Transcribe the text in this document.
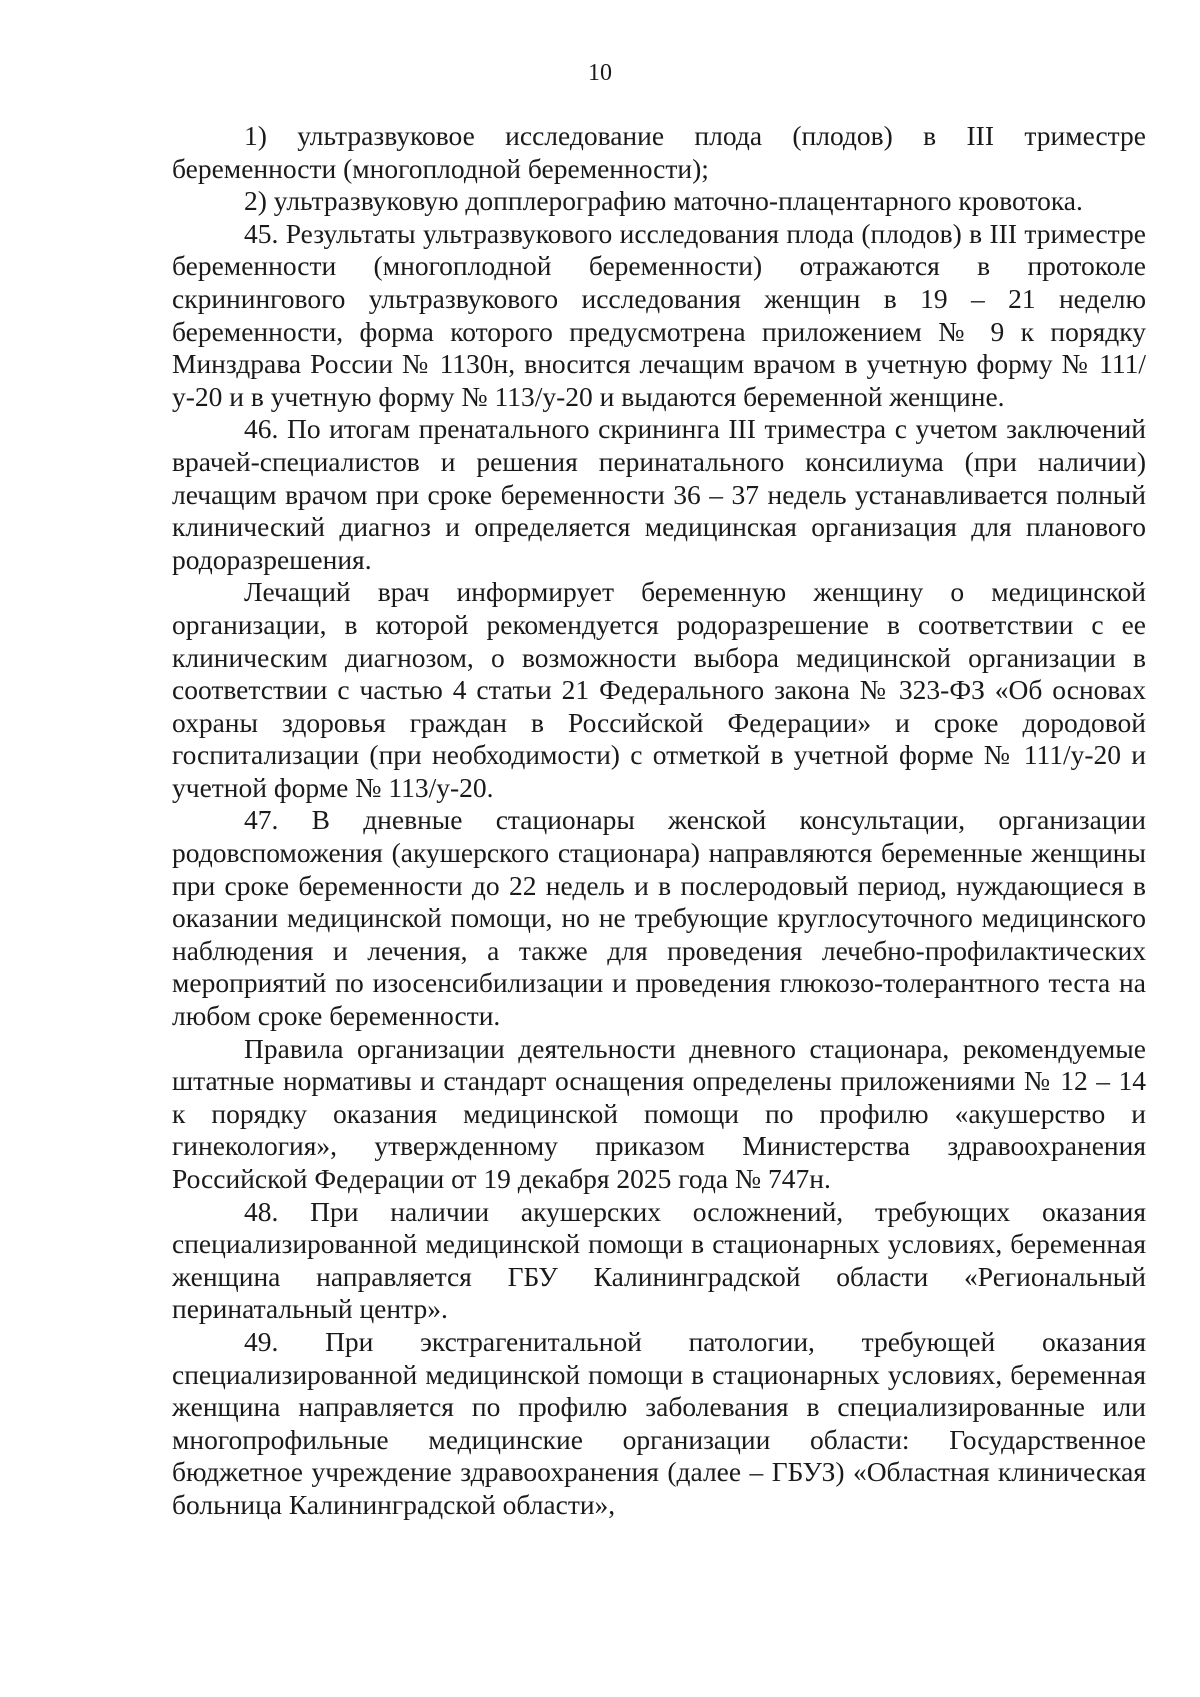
10

1) ультразвуковое исследование плода (плодов) в III триместре беременности (многоплодной беременности);

2) ультразвуковую допплерографию маточно-плацентарного кровотока.

45. Результаты ультразвукового исследования плода (плодов) в III триместре беременности (многоплодной беременности) отражаются в протоколе скринингового ультразвукового исследования женщин в 19 – 21 неделю беременности, форма которого предусмотрена приложением № 9 к порядку Минздрава России № 1130н, вносится лечащим врачом в учетную форму № 111/у-20 и в учетную форму № 113/у-20 и выдаются беременной женщине.

46. По итогам пренатального скрининга III триместра с учетом заключений врачей-специалистов и решения перинатального консилиума (при наличии) лечащим врачом при сроке беременности 36 – 37 недель устанавливается полный клинический диагноз и определяется медицинская организация для планового родоразрешения.

Лечащий врач информирует беременную женщину о медицинской организации, в которой рекомендуется родоразрешение в соответствии с ее клиническим диагнозом, о возможности выбора медицинской организации в соответствии с частью 4 статьи 21 Федерального закона № 323-ФЗ «Об основах охраны здоровья граждан в Российской Федерации» и сроке дородовой госпитализации (при необходимости) с отметкой в учетной форме № 111/у-20 и учетной форме № 113/у-20.

47. В дневные стационары женской консультации, организации родовспоможения (акушерского стационара) направляются беременные женщины при сроке беременности до 22 недель и в послеродовый период, нуждающиеся в оказании медицинской помощи, но не требующие круглосуточного медицинского наблюдения и лечения, а также для проведения лечебно-профилактических мероприятий по изосенсибилизации и проведения глюкозо-толерантного теста на любом сроке беременности.

Правила организации деятельности дневного стационара, рекомендуемые штатные нормативы и стандарт оснащения определены приложениями № 12 – 14 к порядку оказания медицинской помощи по профилю «акушерство и гинекология», утвержденному приказом Министерства здравоохранения Российской Федерации от 19 декабря 2025 года № 747н.

48. При наличии акушерских осложнений, требующих оказания специализированной медицинской помощи в стационарных условиях, беременная женщина направляется ГБУ Калининградской области «Региональный перинатальный центр».

49. При экстрагенитальной патологии, требующей оказания специализированной медицинской помощи в стационарных условиях, беременная женщина направляется по профилю заболевания в специализированные или многопрофильные медицинские организации области: Государственное бюджетное учреждение здравоохранения (далее – ГБУЗ) «Областная клиническая больница Калининградской области»,
